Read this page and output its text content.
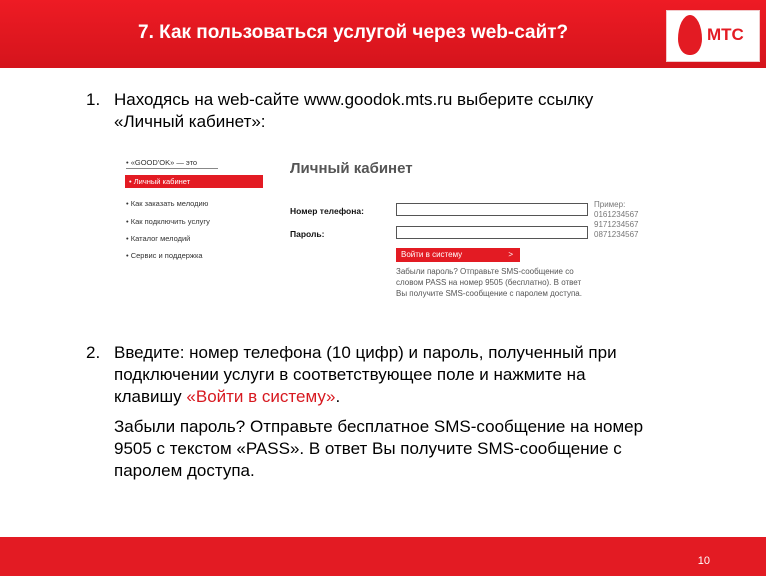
7. Как пользоваться услугой через web-сайт?	МТС
1. Находясь на web-сайте www.goodok.mts.ru выберите ссылку
«Личный кабинет»:
• «GOOD'OK» — это
• Личный кабинет
• Как заказать мелодию
• Как подключить услугу
• Каталог мелодий
• Сервис и поддержка
Личный кабинет
Номер телефона:
Пароль:
Пример:
0161234567
9171234567
0871234567
Войти в систему	>
Забыли пароль? Отправьте SMS-сообщение со
словом PASS на номер 9505 (бесплатно). В ответ
Вы получите SMS-сообщение с паролем доступа.
2. Введите: номер телефона (10 цифр) и пароль, полученный при
подключении услуги в соответствующее поле и нажмите на
клавишу «Войти в систему».
Забыли пароль? Отправьте бесплатное SMS-сообщение на номер
9505 с текстом «PASS». В ответ Вы получите SMS-сообщение с
паролем доступа.
10
